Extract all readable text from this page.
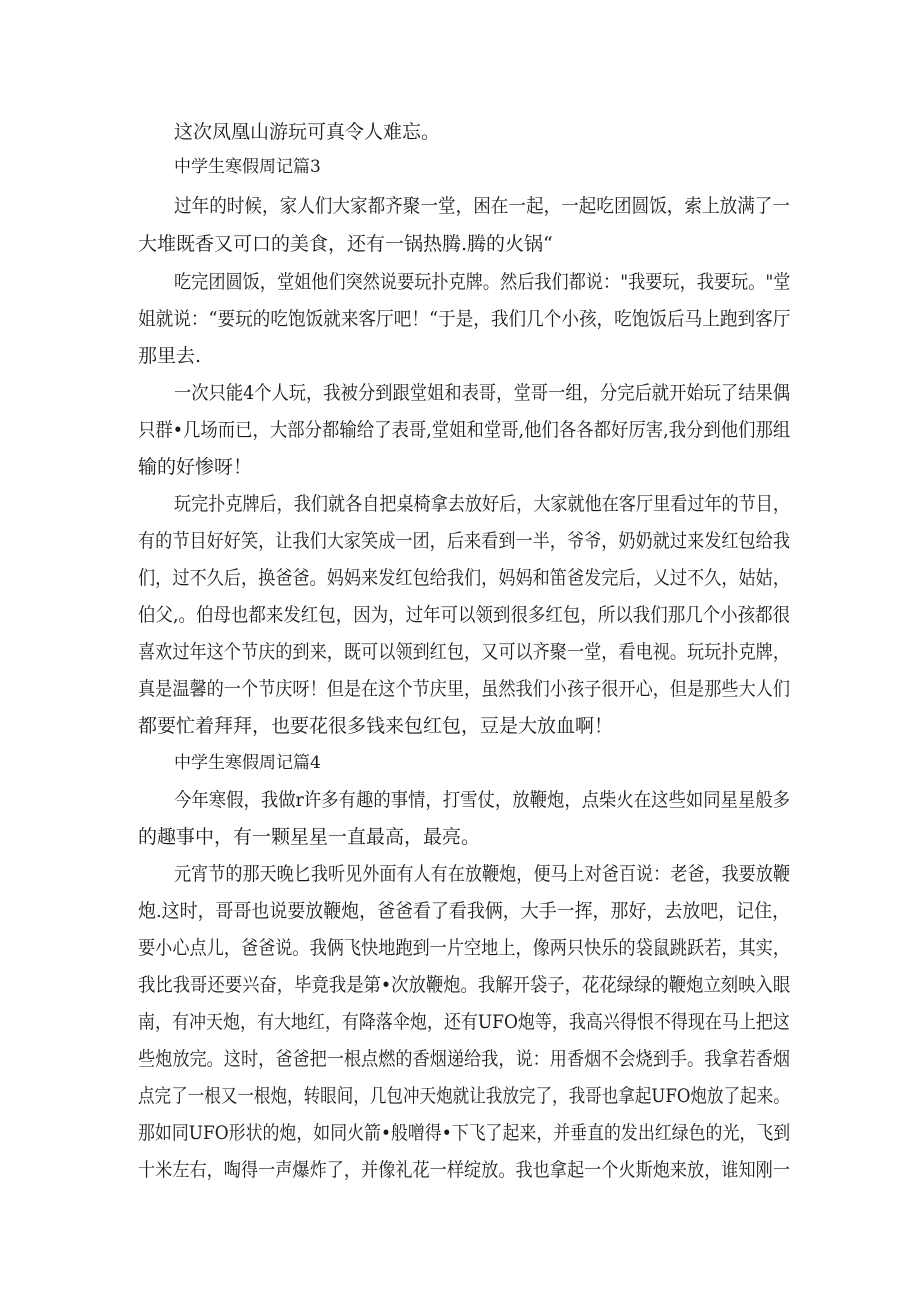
这次凤凰山游玩可真令人难忘。
中学生寒假周记篇3
过年的时候，家人们大家都齐聚一堂，困在一起，一起吃团圆饭，索上放满了一
大堆既香又可口的美食，还有一锅热腾.腾的火锅“
吃完团圆饭，堂姐他们突然说要玩扑克牌。然后我们都说："我要玩，我要玩。"堂
姐就说：“要玩的吃饱饭就来客厅吧！“于是，我们几个小孩，吃饱饭后马上跑到客厅
那里去.
一次只能4个人玩，我被分到跟堂姐和表哥，堂哥一组，分完后就开始玩了结果偶
只群•几场而已，大部分都输给了表哥,堂姐和堂哥,他们各各都好厉害,我分到他们那组
输的好惨呀！
玩完扑克牌后，我们就各自把桌椅拿去放好后，大家就他在客厅里看过年的节目，
有的节目好好笑，让我们大家笑成一团，后来看到一半，爷爷，奶奶就过来发红包给我
们，过不久后，换爸爸。妈妈来发红包给我们，妈妈和笛爸发完后，乂过不久，姑姑，
伯父,。伯母也都来发红包，因为，过年可以领到很多红包，所以我们那几个小孩都很
喜欢过年这个节庆的到来，既可以领到红包，又可以齐聚一堂，看电视。玩玩扑克牌，
真是温馨的一个节庆呀！但是在这个节庆里，虽然我们小孩子很开心，但是那些大人们
都要忙着拜拜，也要花很多钱来包红包，豆是大放血啊！
中学生寒假周记篇4
今年寒假，我做r许多有趣的事情，打雪仗，放鞭炮，点柴火在这些如同星星般多
的趣事中，有一颗星星一直最高，最亮。
元宵节的那天晚匕我听见外面有人有在放鞭炮，便马上对爸百说：老爸，我要放鞭
炮.这时，哥哥也说要放鞭炮，爸爸看了看我俩，大手一挥，那好，去放吧，记住，
要小心点儿，爸爸说。我俩飞快地跑到一片空地上，像两只快乐的袋鼠跳跃若，其实，
我比我哥还要兴奋，毕竟我是第•次放鞭炮。我解开袋子，花花绿绿的鞭炮立刻映入眼
南，有冲天炮，有大地红，有降落伞炮，还有UFO炮等，我高兴得恨不得现在马上把这
些炮放完。这时，爸爸把一根点燃的香烟递给我，说：用香烟不会烧到手。我拿若香烟
点完了一根又一根炮，转眼间，几包冲天炮就让我放完了，我哥也拿起UFO炮放了起来。
那如同UFO形状的炮，如同火箭•般噌得•下飞了起来，并垂直的发出红绿色的光，飞到
十米左右，啕得一声爆炸了，并像礼花一样绽放。我也拿起一个火斯炮来放，谁知刚一
